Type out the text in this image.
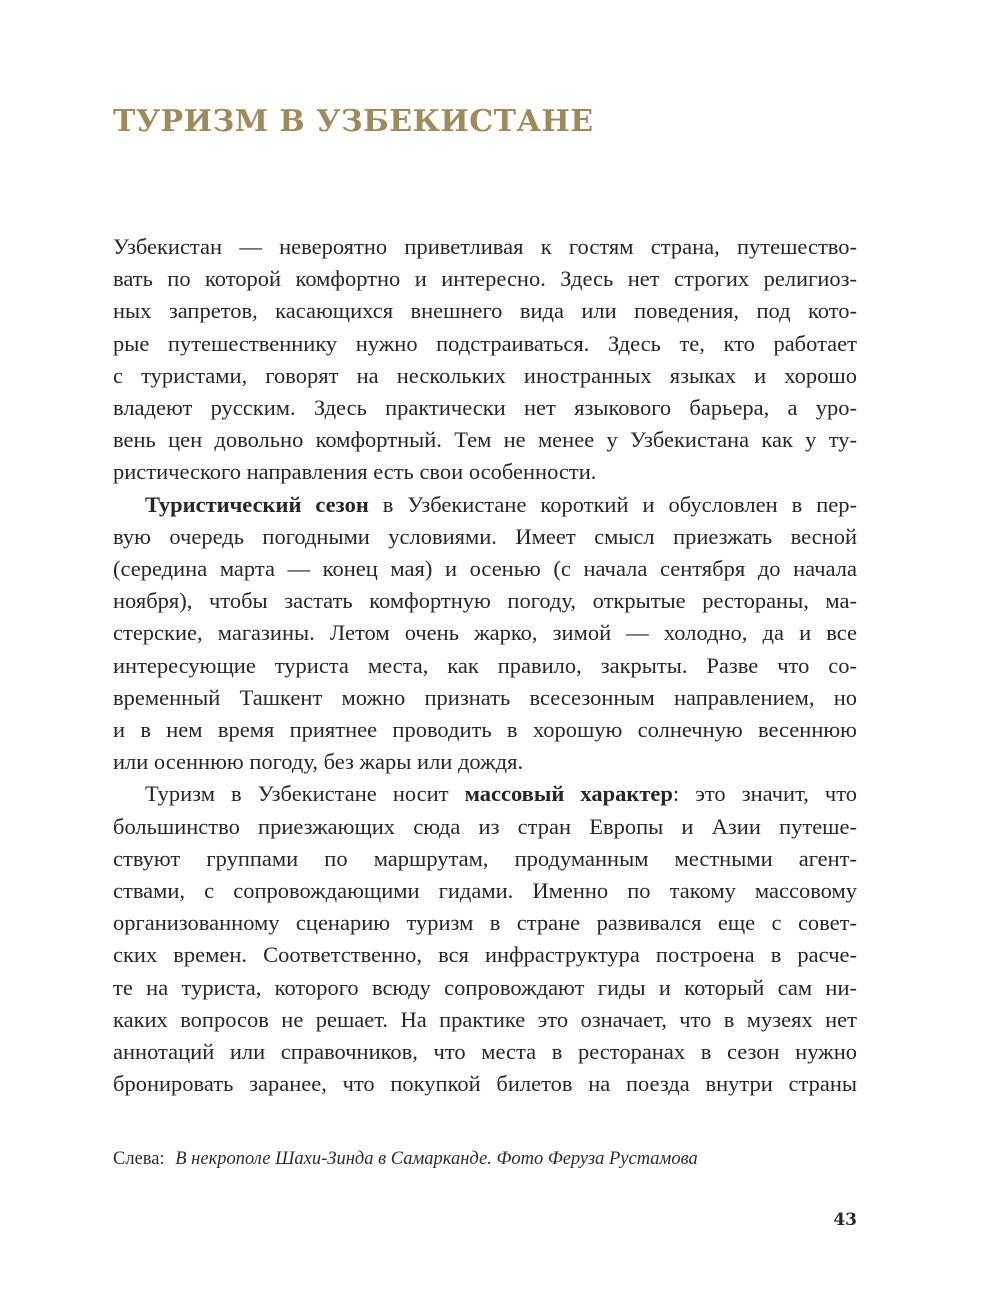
ТУРИЗМ В УЗБЕКИСТАНЕ

Узбекистан — невероятно приветливая к гостям страна, путешество-

вать по которой комфортно и интересно. Здесь нет строгих религиоз-

ных запретов, касающихся внешнего вида или поведения, под кото-

рые путешественнику нужно подстраиваться. Здесь те, кто работает

с туристами, говорят на нескольких иностранных языках и хорошо

владеют русским. Здесь практически нет языкового барьера, а уро-

вень цен довольно комфортный. Тем не менее у Узбекистана как у ту-

ристического направления есть свои особенности.

Туристический сезон в Узбекистане короткий и обусловлен в пер-

вую очередь погодными условиями. Имеет смысл приезжать весной

(середина марта — конец мая) и осенью (с начала сентября до начала

ноября), чтобы застать комфортную погоду, открытые рестораны, ма-

стерские, магазины. Летом очень жарко, зимой — холодно, да и все

интересующие туриста места, как правило, закрыты. Разве что со-

временный Ташкент можно признать всесезонным направлением, но

и в нем время приятнее проводить в хорошую солнечную весеннюю

или осеннюю погоду, без жары или дождя.

Туризм в Узбекистане носит массовый характер: это значит, что

большинство приезжающих сюда из стран Европы и Азии путеше-

ствуют группами по маршрутам, продуманным местными агент-

ствами, с сопровождающими гидами. Именно по такому массовому

организованному сценарию туризм в стране развивался еще с совет-

ских времен. Соответственно, вся инфраструктура построена в расче-

те на туриста, которого всюду сопровождают гиды и который сам ни-

каких вопросов не решает. На практике это означает, что в музеях нет

аннотаций или справочников, что места в ресторанах в сезон нужно

бронировать заранее, что покупкой билетов на поезда внутри страны

Слева: В некрополе Шахи-Зинда в Самарканде. Фото Феруза Рустамова
43
